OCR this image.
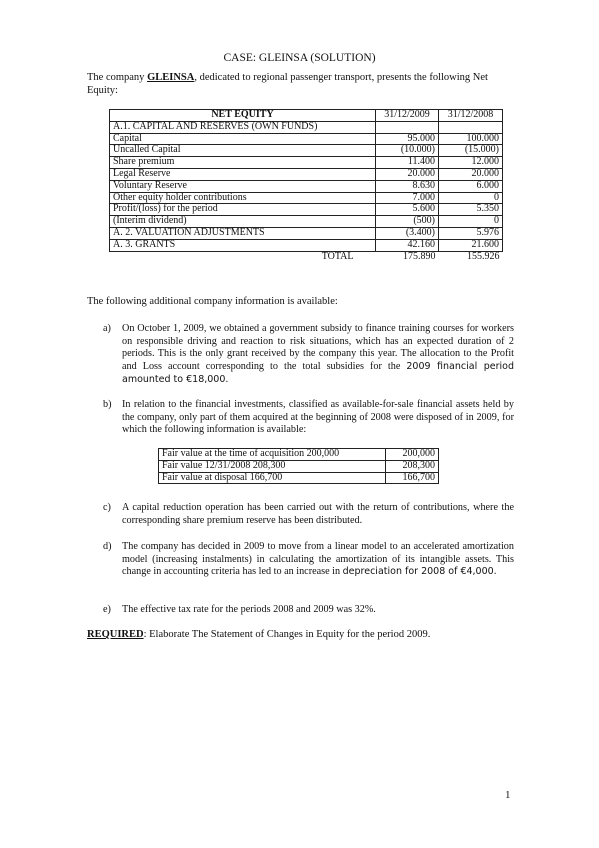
CASE: GLEINSA (SOLUTION)
The company GLEINSA, dedicated to regional passenger transport, presents the following Net Equity:
NET EQUITY	31/12/2009	31/12/2008
A.1. CAPITAL AND RESERVES (OWN FUNDS)		
Capital	95.000	100.000
Uncalled Capital	(10.000)	(15.000)
Share premium	11.400	12.000
Legal Reserve	20.000	20.000
Voluntary Reserve	8.630	6.000
Other equity holder contributions	7.000	0
Profit/(loss) for the period	5.600	5.350
(Interim dividend)	(500)	0
A. 2. VALUATION ADJUSTMENTS	(3.400)	5.976
A. 3. GRANTS	42.160	21.600
TOTAL	175.890	155.926
The following additional company information is available:
a) On October 1, 2009, we obtained a government subsidy to finance training courses for workers on responsible driving and reaction to risk situations, which has an expected duration of 2 periods. This is the only grant received by the company this year. The allocation to the Profit and Loss account corresponding to the total subsidies for the 2009 financial period amounted to €18,000.
b) In relation to the financial investments, classified as available-for-sale financial assets held by the company, only part of them acquired at the beginning of 2008 were disposed of in 2009, for which the following information is available:
Fair value at the time of acquisition 200,000	200,000
Fair value 12/31/2008 208,300	208,300
Fair value at disposal 166,700	166,700
c) A capital reduction operation has been carried out with the return of contributions, where the corresponding share premium reserve has been distributed.
d) The company has decided in 2009 to move from a linear model to an accelerated amortization model (increasing instalments) in calculating the amortization of its intangible assets. This change in accounting criteria has led to an increase in depreciation for 2008 of €4,000.
e) The effective tax rate for the periods 2008 and 2009 was 32%.
REQUIRED: Elaborate The Statement of Changes in Equity for the period 2009.
1
